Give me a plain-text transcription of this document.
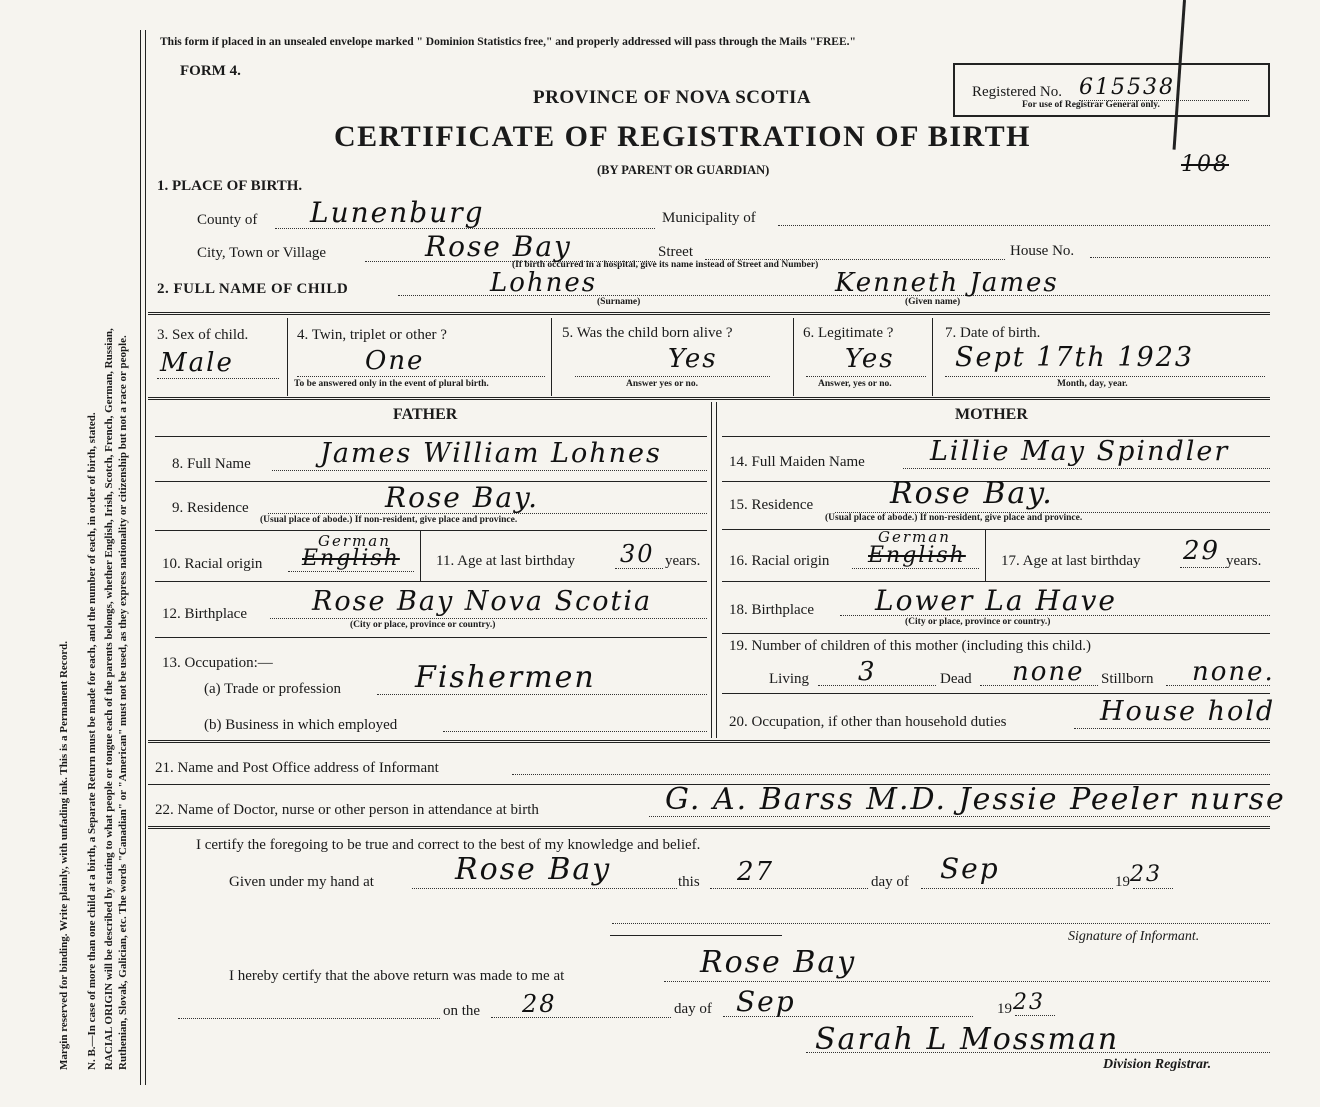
Margin reserved for binding. Write plainly, with unfading ink. This is a Permanent Record. N. B.—In case of more than one child at a birth, a Separate Return must be made for each, and the number of each, in order of birth, stated. RACIAL ORIGIN will be described by stating to what people or tongue each of the parents belongs, whether English, Irish, Scotch, French, German, Russian, Ruthenian, Slovak, Galician, etc. The words "Canadian" or "American" must not be used, as they express nationality or citizenship but not a race or people.
This form if placed in an unsealed envelope marked " Dominion Statistics free," and properly addressed will pass through the Mails "FREE."
FORM 4.
PROVINCE OF NOVA SCOTIA
CERTIFICATE OF REGISTRATION OF BIRTH
(BY PARENT OR GUARDIAN)
Registered No. 615538
For use of Registrar General only.
108
1. PLACE OF BIRTH.
County of Lunenburg	Municipality of
City, Town or Village	Rose Bay	Street	House No.
(If birth occurred in a hospital, give its name instead of Street and Number)
2. FULL NAME OF CHILD	Lohnes
(Surname)
Kenneth James
(Given name)
3. Sex of child.
Male
4. Twin, triplet or other ?
One
To be answered only in the event of plural birth.
5. Was the child born alive ?
Yes
Answer yes or no.
6. Legitimate ?
Yes
Answer, yes or no.
7. Date of birth.
Sept 17th 1923
Month, day, year.
FATHER	MOTHER
8. Full Name	James William Lohnes
9. Residence	Rose Bay.
(Usual place of abode.) If non-resident, give place and province.
10. Racial origin English
German
11. Age at last birthday 30 years.
12. Birthplace Rose Bay Nova Scotia
(City or place, province or country.)
13. Occupation:—
(a) Trade or profession Fishermen
(b) Business in which employed
14. Full Maiden Name Lillie May Spindler
15. Residence	Rose Bay.
(Usual place of abode.) If non-resident, give place and province.
16. Racial origin English
German
17. Age at last birthday 29 years.
18. Birthplace Lower La Have
(City or place, province or country.)
19. Number of children of this mother (including this child.)
Living 3	Dead none Stillborn none.
20. Occupation, if other than household duties	House hold
21. Name and Post Office address of Informant
22. Name of Doctor, nurse or other person in attendance at birth	G. A. Barss M.D. Jessie Peeler nurse
I certify the foregoing to be true and correct to the best of my knowledge and belief.
Given under my hand at	Rose Bay	this 27	day of Sep	19 23
Signature of Informant.
I hereby certify that the above return was made to me at	Rose Bay
on the 28	day of Sep	19 23
Sarah L Mossman
Division Registrar.
